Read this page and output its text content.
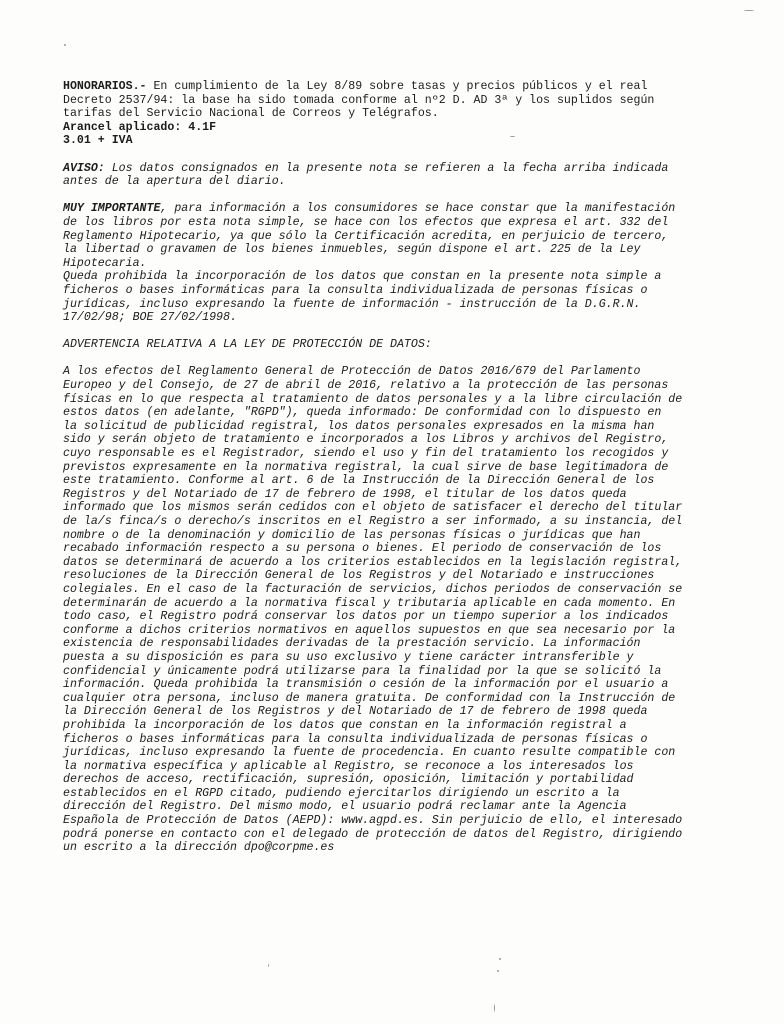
HONORARIOS.- En cumplimiento de la Ley 8/89 sobre tasas y precios públicos y el real
Decreto 2537/94: la base ha sido tomada conforme al nº2 D. AD 3ª y los suplidos según
tarifas del Servicio Nacional de Correos y Telégrafos.
Arancel aplicado: 4.1F
3.01 + IVA
AVISO: Los datos consignados en la presente nota se refieren a la fecha arriba indicada
antes de la apertura del diario.
MUY IMPORTANTE, para información a los consumidores se hace constar que la manifestación
de los libros por esta nota simple, se hace con los efectos que expresa el art. 332 del
Reglamento Hipotecario, ya que sólo la Certificación acredita, en perjuicio de tercero,
la libertad o gravamen de los bienes inmuebles, según dispone el art. 225 de la Ley
Hipotecaria.
Queda prohibida la incorporación de los datos que constan en la presente nota simple a
ficheros o bases informáticas para la consulta individualizada de personas físicas o
jurídicas, incluso expresando la fuente de información - instrucción de la D.G.R.N.
17/02/98; BOE 27/02/1998.
ADVERTENCIA RELATIVA A LA LEY DE PROTECCIÓN DE DATOS:
A los efectos del Reglamento General de Protección de Datos 2016/679 del Parlamento
Europeo y del Consejo, de 27 de abril de 2016, relativo a la protección de las personas
físicas en lo que respecta al tratamiento de datos personales y a la libre circulación de
estos datos (en adelante, "RGPD"), queda informado: De conformidad con lo dispuesto en
la solicitud de publicidad registral, los datos personales expresados en la misma han
sido y serán objeto de tratamiento e incorporados a los Libros y archivos del Registro,
cuyo responsable es el Registrador, siendo el uso y fin del tratamiento los recogidos y
previstos expresamente en la normativa registral, la cual sirve de base legitimadora de
este tratamiento. Conforme al art. 6 de la Instrucción de la Dirección General de los
Registros y del Notariado de 17 de febrero de 1998, el titular de los datos queda
informado que los mismos serán cedidos con el objeto de satisfacer el derecho del titular
de la/s finca/s o derecho/s inscritos en el Registro a ser informado, a su instancia, del
nombre o de la denominación y domicilio de las personas físicas o jurídicas que han
recabado información respecto a su persona o bienes. El periodo de conservación de los
datos se determinará de acuerdo a los criterios establecidos en la legislación registral,
resoluciones de la Dirección General de los Registros y del Notariado e instrucciones
colegiales. En el caso de la facturación de servicios, dichos periodos de conservación se
determinarán de acuerdo a la normativa fiscal y tributaria aplicable en cada momento. En
todo caso, el Registro podrá conservar los datos por un tiempo superior a los indicados
conforme a dichos criterios normativos en aquellos supuestos en que sea necesario por la
existencia de responsabilidades derivadas de la prestación servicio. La información
puesta a su disposición es para su uso exclusivo y tiene carácter intransferible y
confidencial y únicamente podrá utilizarse para la finalidad por la que se solicitó la
información. Queda prohibida la transmisión o cesión de la información por el usuario a
cualquier otra persona, incluso de manera gratuita. De conformidad con la Instrucción de
la Dirección General de los Registros y del Notariado de 17 de febrero de 1998 queda
prohibida la incorporación de los datos que constan en la información registral a
ficheros o bases informáticas para la consulta individualizada de personas físicas o
jurídicas, incluso expresando la fuente de procedencia. En cuanto resulte compatible con
la normativa específica y aplicable al Registro, se reconoce a los interesados los
derechos de acceso, rectificación, supresión, oposición, limitación y portabilidad
establecidos en el RGPD citado, pudiendo ejercitarlos dirigiendo un escrito a la
dirección del Registro. Del mismo modo, el usuario podrá reclamar ante la Agencia
Española de Protección de Datos (AEPD): www.agpd.es. Sin perjuicio de ello, el interesado
podrá ponerse en contacto con el delegado de protección de datos del Registro, dirigiendo
un escrito a la dirección dpo@corpme.es
